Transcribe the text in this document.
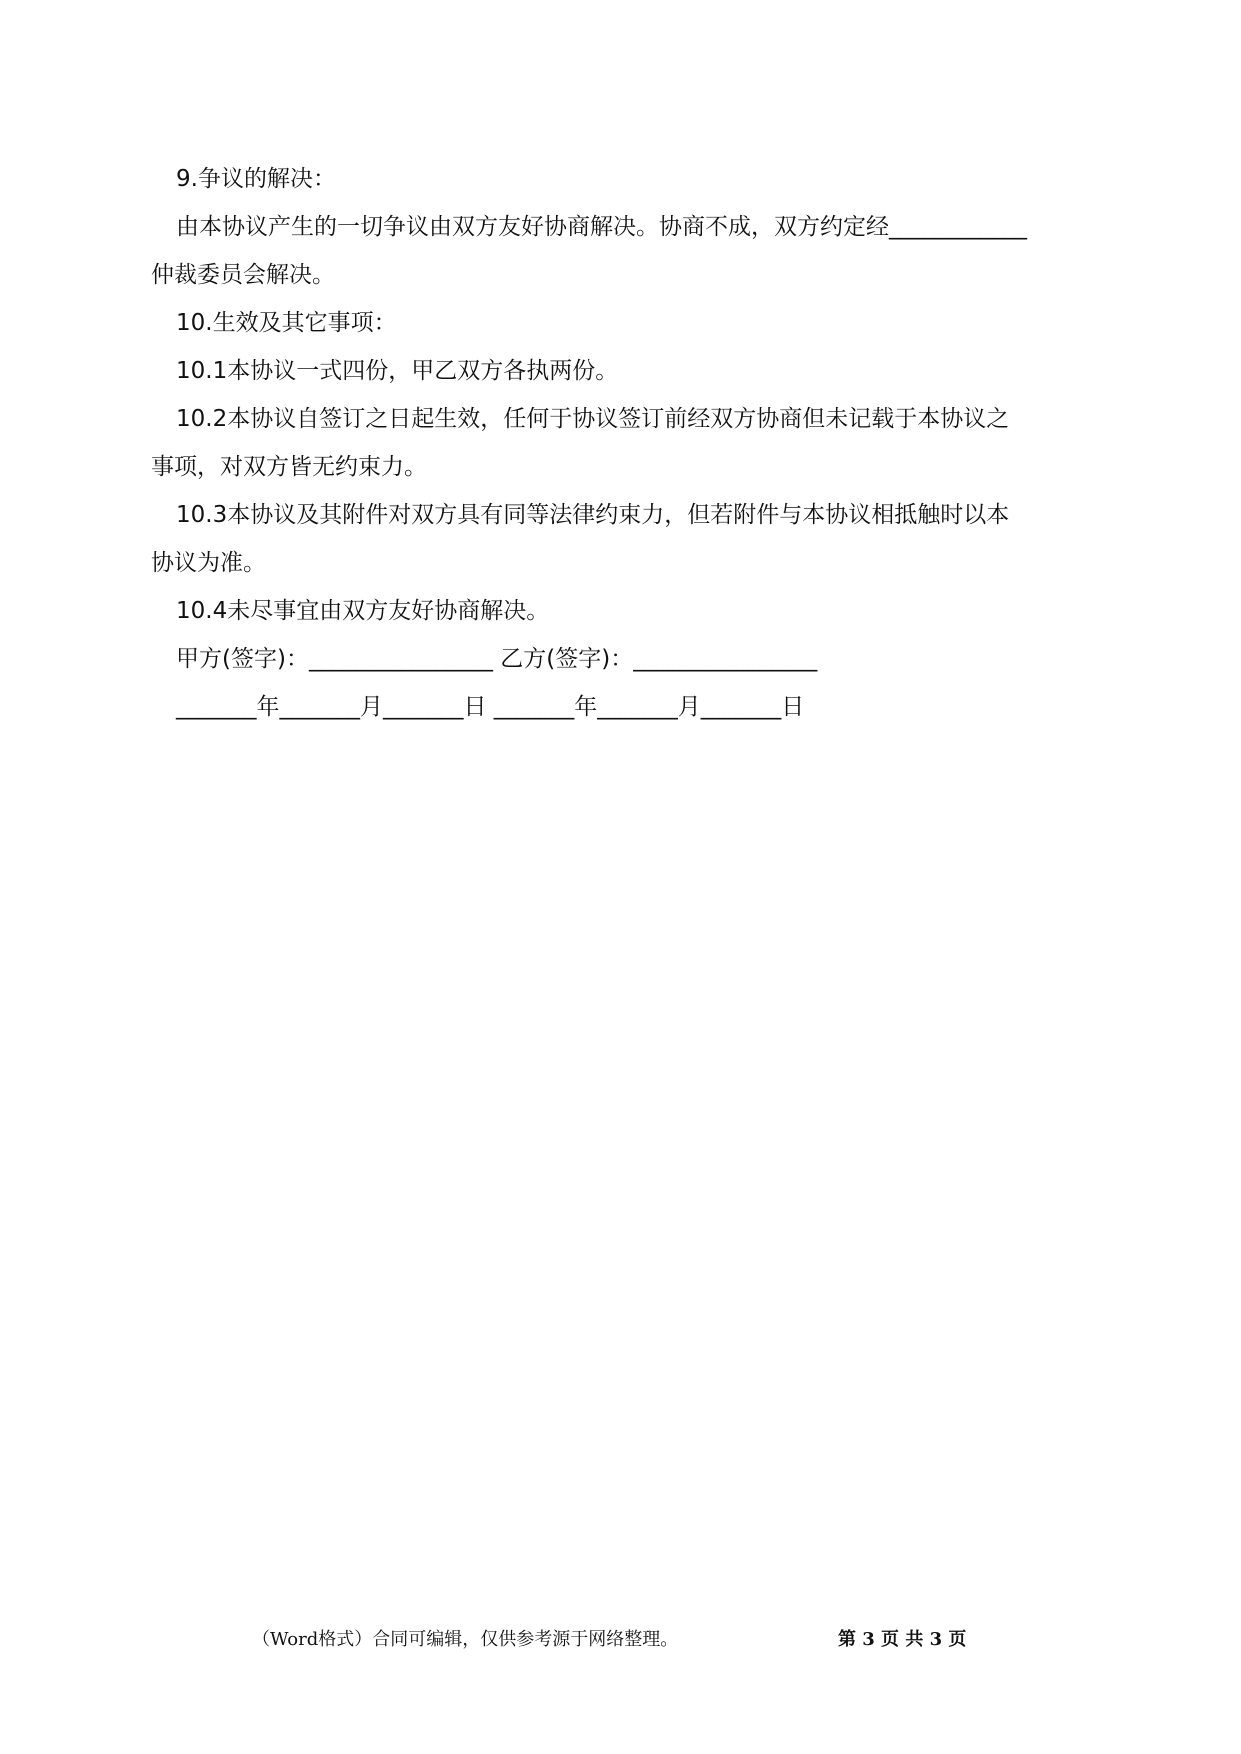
9.争议的解决：

由本协议产生的一切争议由双方友好协商解决。协商不成，双方约定经____________

仲裁委员会解决。

10.生效及其它事项：

10.1本协议一式四份，甲乙双方各执两份。

10.2本协议自签订之日起生效，任何于协议签订前经双方协商但未记载于本协议之

事项，对双方皆无约束力。

10.3本协议及其附件对双方具有同等法律约束力，但若附件与本协议相抵触时以本

协议为准。

10.4未尽事宜由双方友好协商解决。

甲方(签字)：________________ 乙方(签字)：________________

_______年_______月_______日 _______年_______月_______日

（Word格式）合同可编辑，仅供参考源于网络整理。	第 3 页 共 3 页
